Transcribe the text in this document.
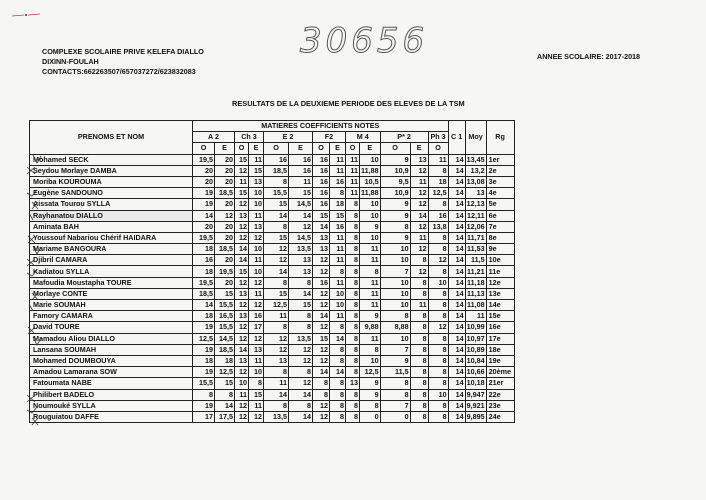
30656
COMPLEXE SCOLAIRE PRIVE KELEFA DIALLO
DIXINN-FOULAH
CONTACTS:662263507/657037272/623832083
ANNEE SCOLAIRE: 2017-2018
RESULTATS DE LA DEUXIEME PERIODE DES ELEVES DE LA TSM
PRENOMS ET NOM	MATIERES COEFFICIENTS NOTES													C 1	Moy	Rg
	A 2		Ch 3		E 2		F2		M 4		P* 2		Ph 3			
	O	E	O	E	O	E	O	E	O	E	O	E	O			
Mohamed SECK	19,5	20	15	11	16	16	16	11	11	10	9	13	11	14	13,45	1er
Seydou Morlaye DAMBA	20	20	12	15	18,5	16	16	11	11	11,88	10,9	12	8	14	13,2	2e
Moriba KOUROUMA	20	20	11	13	8	11	16	16	11	10,5	9,5	11	18	14	13,08	3e
Eugène SANDOUNO	19	18,5	15	10	15,5	15	16	8	11	11,88	10,9	12	12,5	14	13	4e
Aissata Tourou SYLLA	19	20	12	10	15	14,5	16	18	8	10	9	12	8	14	12,13	5e
Rayhanatou DIALLO	14	12	13	11	14	14	15	15	8	10	9	14	16	14	12,11	6e
Aminata BAH	20	20	12	13	8	12	14	16	8	9	8	12	13,8	14	12,06	7e
Youssouf Nabariou Chérif HAIDARA	19,5	20	12	12	15	14,5	13	11	8	10	9	11	8	14	11,71	8e
Mariame BANGOURA	18	18,5	14	10	12	13,5	13	11	8	11	10	12	8	14	11,53	9e
Djibril CAMARA	16	20	14	11	12	13	12	11	8	11	10	8	12	14	11,5	10e
Kadiatou SYLLA	18	19,5	15	10	14	13	12	8	8	8	7	12	8	14	11,21	11e
Mafoudia Moustapha TOURE	19,5	20	12	12	8	8	16	11	8	11	10	8	10	14	11,18	12e
Morlaye CONTE	18,5	15	13	11	15	14	12	10	8	11	10	8	8	14	11,13	13e
Marie SOUMAH	14	15,5	12	12	12,5	15	12	10	8	11	10	11	8	14	11,08	14e
Famory CAMARA	18	16,5	13	16	11	8	14	11	8	9	8	8	8	14	11	15e
David TOURE	19	15,5	12	17	8	8	12	8	8	9,88	8,88	8	12	14	10,99	16e
Mamadou Aliou DIALLO	12,5	14,5	12	12	12	13,5	15	14	8	11	10	8	8	14	10,97	17e
Lansana SOUMAH	19	18,5	14	13	12	12	12	8	8	8	7	8	8	14	10,89	18e
Mohamed DOUMBOUYA	18	18	13	11	13	12	12	8	8	10	9	8	8	14	10,84	19e
Amadou Lamarana SOW	19	12,5	12	10	8	8	14	14	8	12,5	11,5	8	8	14	10,66	20ème
Fatoumata NABE	15,5	15	10	8	11	12	8	8	13	9	8	8	8	14	10,18	21er
Philibert BADELO	8	8	11	15	14	14	8	8	8	9	8	8	10	14	9,947	22e
Noumouké SYLLA	19	14	12	11	8	8	12	8	8	8	7	8	8	14	9,921	23e
Rouguiatou DAFFE	17	17,5	12	12	13,5	14	12	8	8	0	0	8	8	14	9,895	24e
